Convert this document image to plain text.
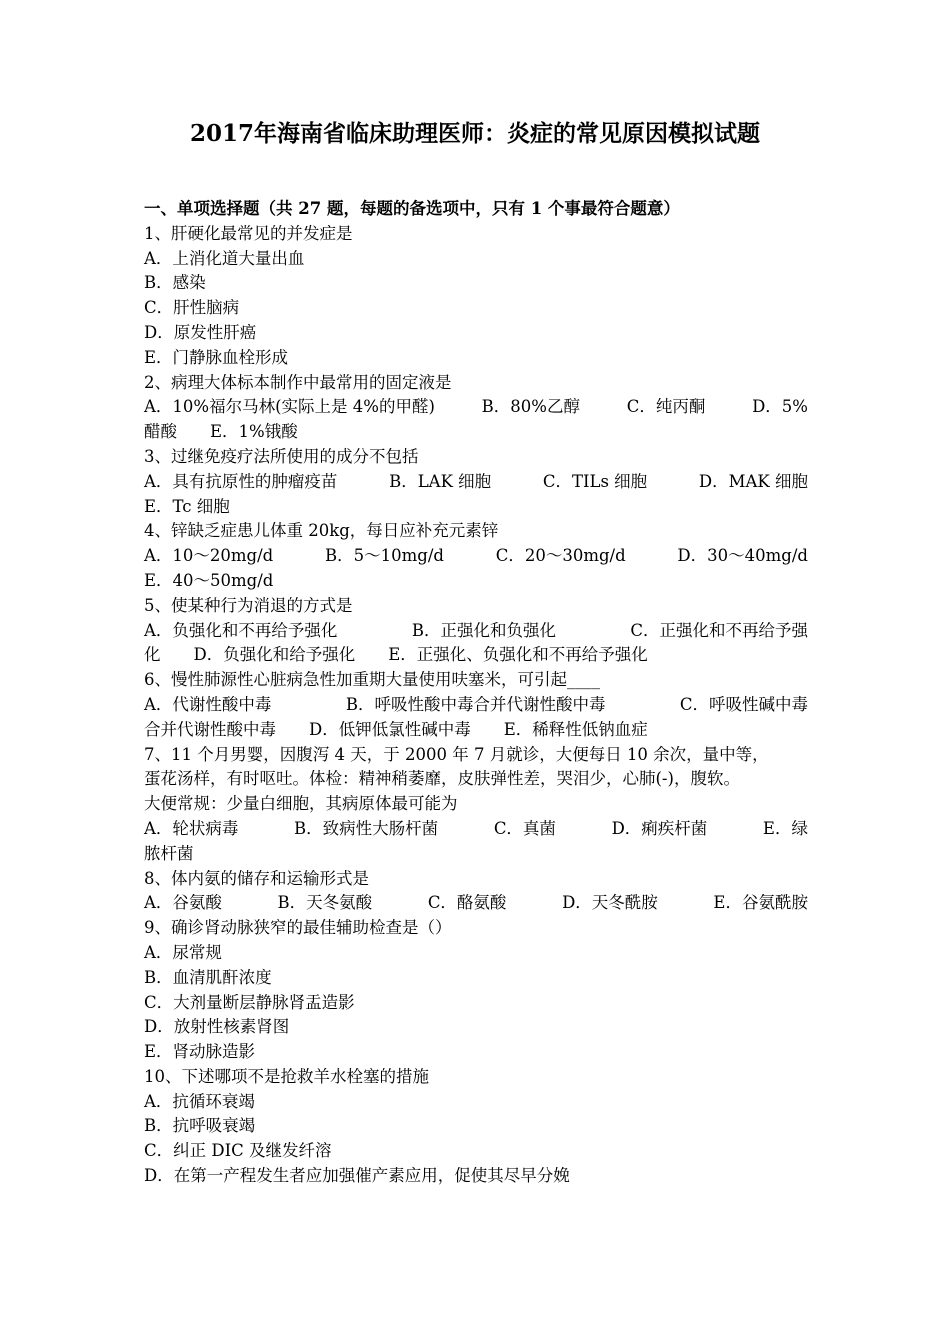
2017年海南省临床助理医师：炎症的常见原因模拟试题
一、单项选择题（共 27 题，每题的备选项中，只有 1 个事最符合题意）
1、肝硬化最常见的并发症是
A．上消化道大量出血
B．感染
C．肝性脑病
D．原发性肝癌
E．门静脉血栓形成
2、病理大体标本制作中最常用的固定液是
A．10%福尔马林(实际上是 4%的甲醛)	B．80%乙醇	C．纯丙酮	D．5%
醋酸　　E．1%锇酸
3、过继免疫疗法所使用的成分不包括
A．具有抗原性的肿瘤疫苗	B．LAK 细胞	C．TILs 细胞	D．MAK 细胞
E．Tc 细胞
4、锌缺乏症患儿体重 20kg，每日应补充元素锌
A．10～20mg/d	B．5～10mg/d	C．20～30mg/d	D．30～40mg/d
E．40～50mg/d
5、使某种行为消退的方式是
A．负强化和不再给予强化	B．正强化和负强化	C．正强化和不再给予强
化　　D．负强化和给予强化　　E．正强化、负强化和不再给予强化
6、慢性肺源性心脏病急性加重期大量使用呋塞米，可引起____
A．代谢性酸中毒	B．呼吸性酸中毒合并代谢性酸中毒	C．呼吸性碱中毒
合并代谢性酸中毒　　D．低钾低氯性碱中毒　　E．稀释性低钠血症
7、11 个月男婴，因腹泻 4 天，于 2000 年 7 月就诊，大便每日 10 余次，量中等，
蛋花汤样，有时呕吐。体检：精神稍萎靡，皮肤弹性差，哭泪少，心肺(-)，腹软。
大便常规：少量白细胞，其病原体最可能为
A．轮状病毒	B．致病性大肠杆菌	C．真菌	D．痢疾杆菌	E．绿
脓杆菌
8、体内氨的储存和运输形式是
A．谷氨酸	B．天冬氨酸	C．酪氨酸	D．天冬酰胺	E．谷氨酰胺
9、确诊肾动脉狭窄的最佳辅助检查是（）
A．尿常规
B．血清肌酐浓度
C．大剂量断层静脉肾盂造影
D．放射性核素肾图
E．肾动脉造影
10、下述哪项不是抢救羊水栓塞的措施
A．抗循环衰竭
B．抗呼吸衰竭
C．纠正 DIC 及继发纤溶
D．在第一产程发生者应加强催产素应用，促使其尽早分娩
